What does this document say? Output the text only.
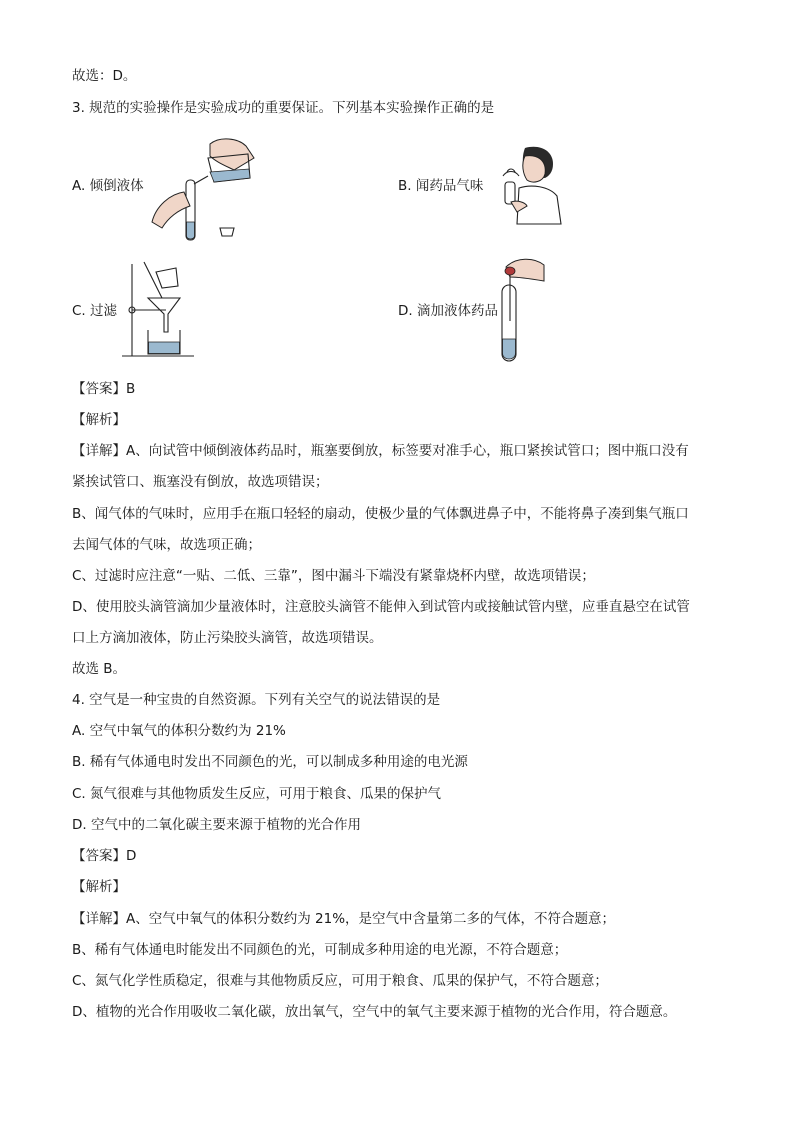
故选：D。
3. 规范的实验操作是实验成功的重要保证。下列基本实验操作正确的是
A. 倾倒液体	B. 闻药品气味
C. 过滤	D. 滴加液体药品
【答案】B
【解析】
【详解】A、向试管中倾倒液体药品时，瓶塞要倒放，标签要对准手心，瓶口紧挨试管口；图中瓶口没有
紧挨试管口、瓶塞没有倒放，故选项错误；
B、闻气体的气味时，应用手在瓶口轻轻的扇动，使极少量的气体飘进鼻子中，不能将鼻子凑到集气瓶口
去闻气体的气味，故选项正确；
C、过滤时应注意“一贴、二低、三靠”，图中漏斗下端没有紧靠烧杯内壁，故选项错误；
D、使用胶头滴管滴加少量液体时，注意胶头滴管不能伸入到试管内或接触试管内壁，应垂直悬空在试管
口上方滴加液体，防止污染胶头滴管，故选项错误。
故选 B。
4. 空气是一种宝贵的自然资源。下列有关空气的说法错误的是
A. 空气中氧气的体积分数约为 21%
B. 稀有气体通电时发出不同颜色的光，可以制成多种用途的电光源
C. 氮气很难与其他物质发生反应，可用于粮食、瓜果的保护气
D. 空气中的二氧化碳主要来源于植物的光合作用
【答案】D
【解析】
【详解】A、空气中氧气的体积分数约为 21%，是空气中含量第二多的气体，不符合题意；
B、稀有气体通电时能发出不同颜色的光，可制成多种用途的电光源，不符合题意；
C、氮气化学性质稳定，很难与其他物质反应，可用于粮食、瓜果的保护气，不符合题意；
D、植物的光合作用吸收二氧化碳，放出氧气，空气中的氧气主要来源于植物的光合作用，符合题意。
